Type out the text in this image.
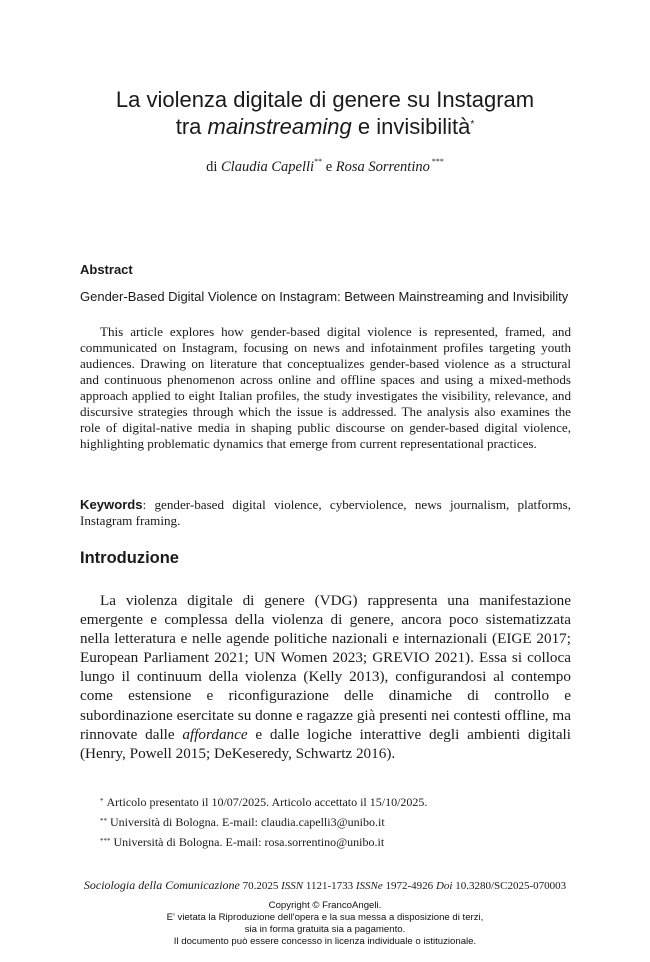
La violenza digitale di genere su Instagram
tra mainstreaming e invisibilità*
di Claudia Capelli** e Rosa Sorrentino ***
Abstract
Gender-Based Digital Violence on Instagram: Between Mainstreaming and Invisibility
This article explores how gender-based digital violence is represented, framed, and communicated on Instagram, focusing on news and infotainment profiles targeting youth audiences. Drawing on literature that conceptualizes gender-based violence as a structural and continuous phenomenon across online and offline spaces and using a mixed-methods approach applied to eight Italian profiles, the study investigates the visibility, relevance, and discursive strategies through which the issue is addressed. The analysis also examines the role of digital-native media in shaping public discourse on gender-based digital violence, highlighting problematic dynamics that emerge from current representational practices.
Keywords: gender-based digital violence, cyberviolence, news journalism, platforms, Instagram framing.
Introduzione
La violenza digitale di genere (VDG) rappresenta una manifestazione emergente e complessa della violenza di genere, ancora poco sistematizzata nella letteratura e nelle agende politiche nazionali e internazionali (EIGE 2017; European Parliament 2021; UN Women 2023; GREVIO 2021). Essa si colloca lungo il continuum della violenza (Kelly 2013), configurandosi al contempo come estensione e riconfigurazione delle dinamiche di controllo e subordinazione esercitate su donne e ragazze già presenti nei contesti offline, ma rinnovate dalle affordance e dalle logiche interattive degli ambienti digitali (Henry, Powell 2015; DeKeseredy, Schwartz 2016).
* Articolo presentato il 10/07/2025. Articolo accettato il 15/10/2025.
** Università di Bologna. E-mail: claudia.capelli3@unibo.it
*** Università di Bologna. E-mail: rosa.sorrentino@unibo.it
Sociologia della Comunicazione 70.2025 ISSN 1121-1733 ISSNe 1972-4926 Doi 10.3280/SC2025-070003
Copyright © FrancoAngeli.
E' vietata la Riproduzione dell'opera e la sua messa a disposizione di terzi,
sia in forma gratuita sia a pagamento.
Il documento può essere concesso in licenza individuale o istituzionale.
